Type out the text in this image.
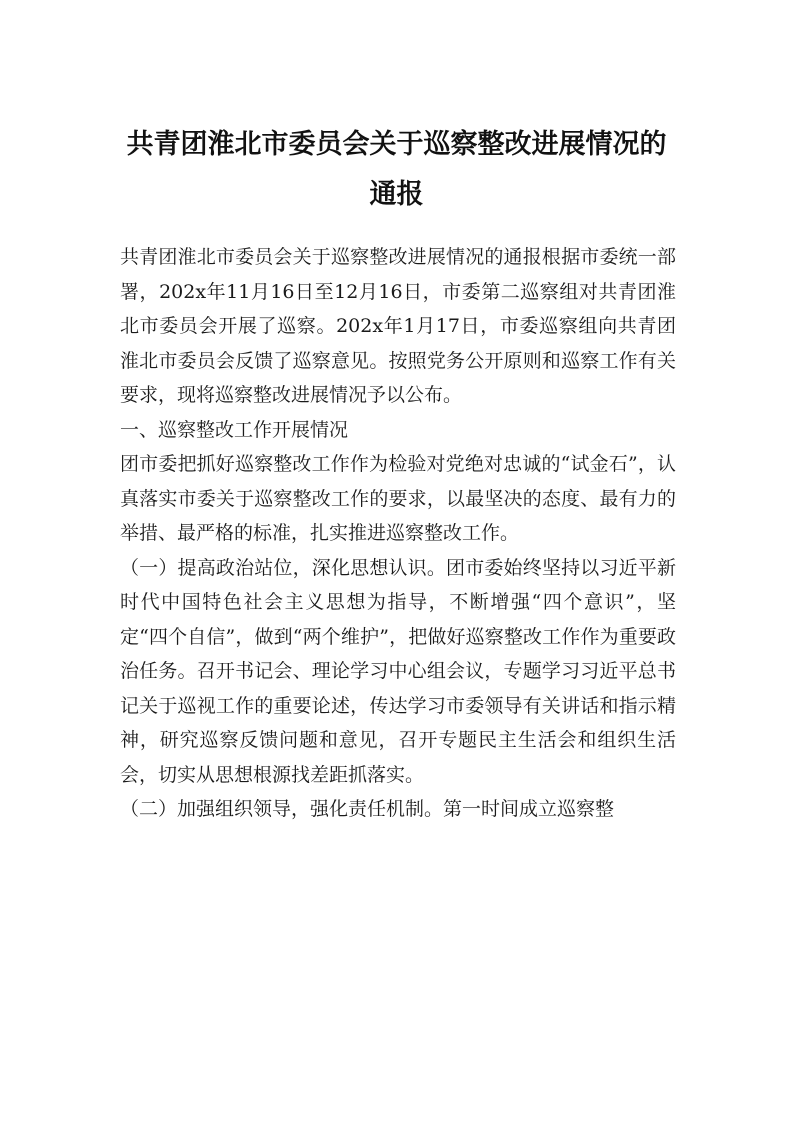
共青团淮北市委员会关于巡察整改进展情况的通报

共青团淮北市委员会关于巡察整改进展情况的通报根据市委统一部署，202x年11月16日至12月16日，市委第二巡察组对共青团淮北市委员会开展了巡察。202x年1月17日，市委巡察组向共青团淮北市委员会反馈了巡察意见。按照党务公开原则和巡察工作有关要求，现将巡察整改进展情况予以公布。

一、巡察整改工作开展情况

团市委把抓好巡察整改工作作为检验对党绝对忠诚的“试金石”，认真落实市委关于巡察整改工作的要求，以最坚决的态度、最有力的举措、最严格的标准，扎实推进巡察整改工作。

（一）提高政治站位，深化思想认识。团市委始终坚持以习近平新时代中国特色社会主义思想为指导，不断增强“四个意识”，坚定“四个自信”，做到“两个维护”，把做好巡察整改工作作为重要政治任务。召开书记会、理论学习中心组会议，专题学习习近平总书记关于巡视工作的重要论述，传达学习市委领导有关讲话和指示精神，研究巡察反馈问题和意见，召开专题民主生活会和组织生活会，切实从思想根源找差距抓落实。

（二）加强组织领导，强化责任机制。第一时间成立巡察整
